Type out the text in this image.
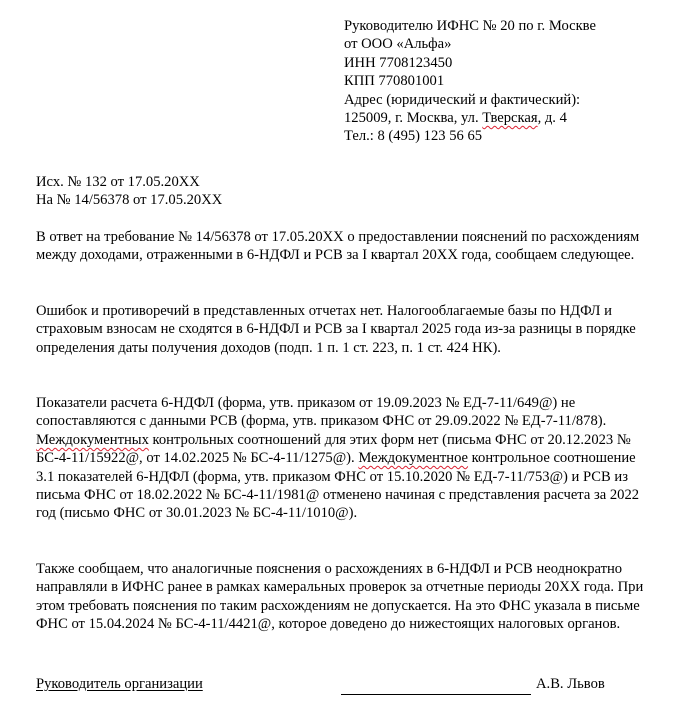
Руководителю ИФНС № 20 по г. Москве
от ООО «Альфа»
ИНН 7708123450
КПП 770801001
Адрес (юридический и фактический):
125009, г. Москва, ул. Тверская, д. 4
Тел.: 8 (495) 123 56 65
Исх. № 132 от 17.05.20XX
На № 14/56378 от 17.05.20XX
В ответ на требование № 14/56378 от 17.05.20XX о предоставлении пояснений по расхождениям между доходами, отраженными в 6-НДФЛ и РСВ за I квартал 20XX года, сообщаем следующее.
Ошибок и противоречий в представленных отчетах нет. Налогооблагаемые базы по НДФЛ и страховым взносам не сходятся в 6-НДФЛ и РСВ за I квартал 2025 года из-за разницы в порядке определения даты получения доходов (подп. 1 п. 1 ст. 223, п. 1 ст. 424 НК).
Показатели расчета 6-НДФЛ (форма, утв. приказом от 19.09.2023 № ЕД-7-11/649@) не сопоставляются с данными РСВ (форма, утв. приказом ФНС от 29.09.2022 № ЕД-7-11/878). Междокументных контрольных соотношений для этих форм нет (письма ФНС от 20.12.2023 № БС-4-11/15922@, от 14.02.2025 № БС-4-11/1275@). Междокументное контрольное соотношение 3.1 показателей 6-НДФЛ (форма, утв. приказом ФНС от 15.10.2020 № ЕД-7-11/753@) и РСВ из письма ФНС от 18.02.2022 № БС-4-11/1981@ отменено начиная с представления расчета за 2022 год (письмо ФНС от 30.01.2023 № БС-4-11/1010@).
Также сообщаем, что аналогичные пояснения о расхождениях в 6-НДФЛ и РСВ неоднократно направляли в ИФНС ранее в рамках камеральных проверок за отчетные периоды 20XX года. При этом требовать пояснения по таким расхождениям не допускается. На это ФНС указала в письме ФНС от 15.04.2024 № БС-4-11/4421@, которое доведено до нижестоящих налоговых органов.
Руководитель организации	А.В. Львов
